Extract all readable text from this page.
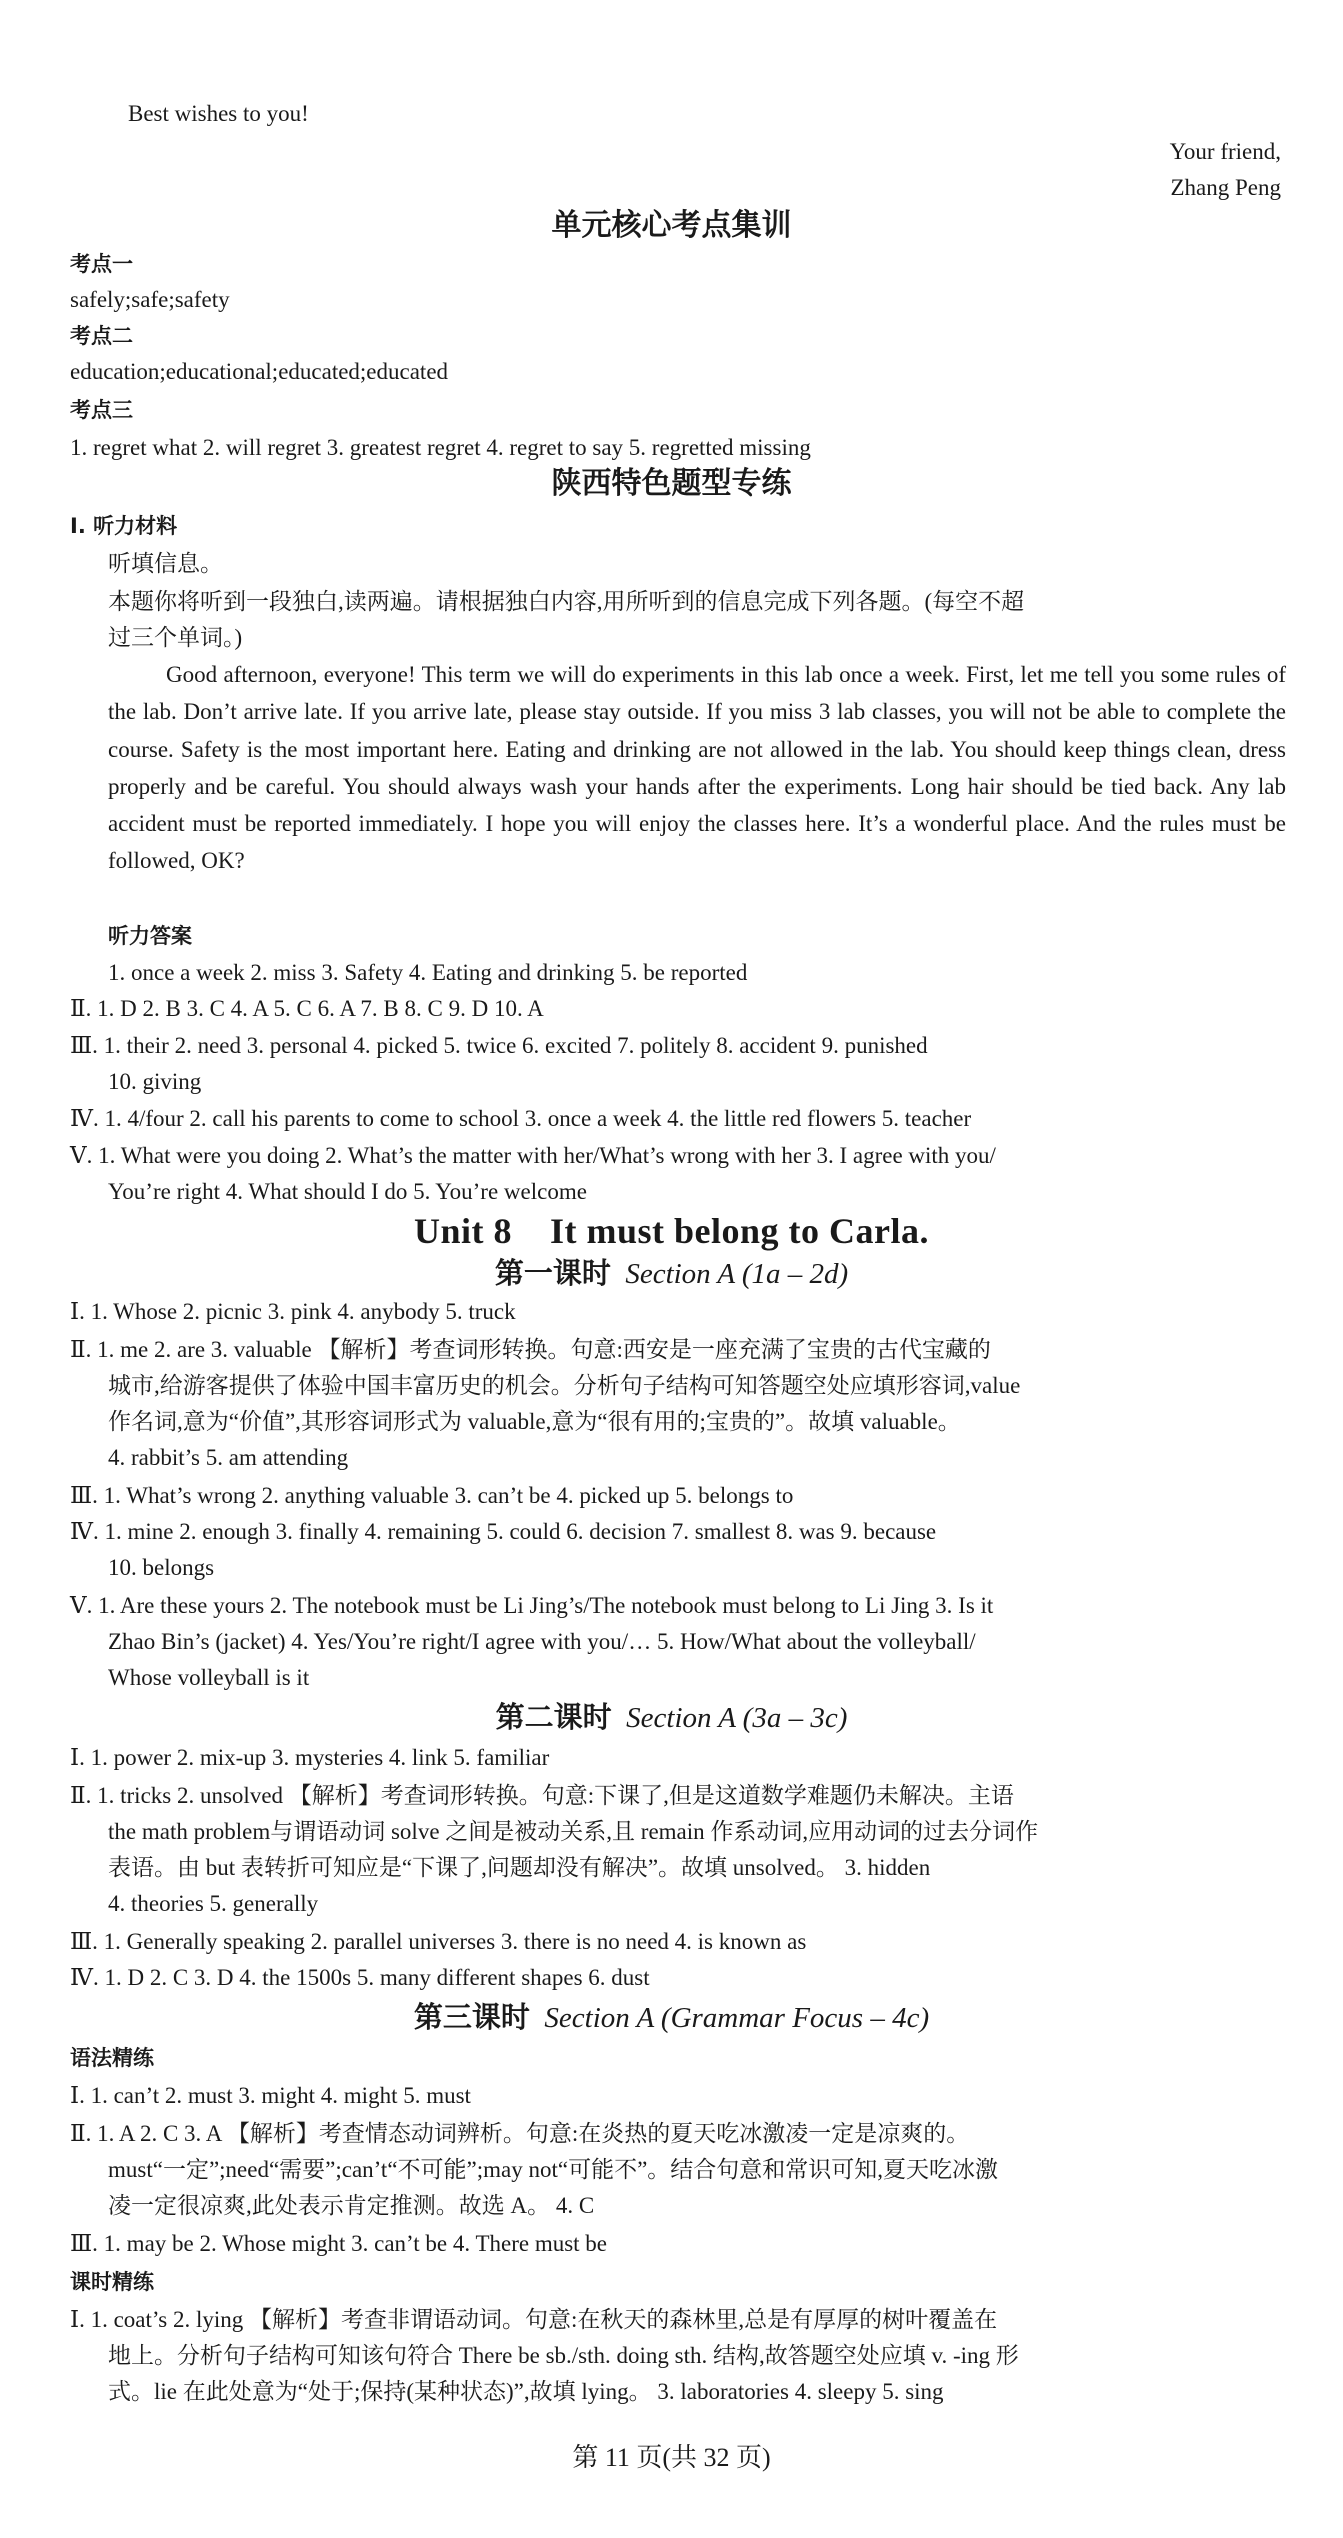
Best wishes to you!
Your friend,
Zhang Peng
单元核心考点集训
考点一
safely;safe;safety
考点二
education;educational;educated;educated
考点三
1. regret what 2. will regret 3. greatest regret 4. regret to say 5. regretted missing
陕西特色题型专练
Ⅰ. 听力材料
听填信息。
本题你将听到一段独白,读两遍。请根据独白内容,用所听到的信息完成下列各题。(每空不超
过三个单词。)
Good afternoon, everyone! This term we will do experiments in this lab once a week. First, let me tell you some rules of the lab. Don’t arrive late. If you arrive late, please stay outside. If you miss 3 lab classes, you will not be able to complete the course. Safety is the most important here. Eating and drinking are not allowed in the lab. You should keep things clean, dress properly and be careful. You should always wash your hands after the experiments. Long hair should be tied back. Any lab accident must be reported immediately. I hope you will enjoy the classes here. It’s a wonderful place. And the rules must be followed, OK?
听力答案
1. once a week 2. miss 3. Safety 4. Eating and drinking 5. be reported
Ⅱ. 1. D 2. B 3. C 4. A 5. C 6. A 7. B 8. C 9. D 10. A
Ⅲ. 1. their 2. need 3. personal 4. picked 5. twice 6. excited 7. politely 8. accident 9. punished
10. giving
Ⅳ. 1. 4/four 2. call his parents to come to school 3. once a week 4. the little red flowers 5. teacher
Ⅴ. 1. What were you doing 2. What’s the matter with her/What’s wrong with her 3. I agree with you/
You’re right 4. What should I do 5. You’re welcome
Unit 8    It must belong to Carla.
第一课时 Section A (1a – 2d)
Ⅰ. 1. Whose 2. picnic 3. pink 4. anybody 5. truck
Ⅱ. 1. me 2. are 3. valuable 【解析】考查词形转换。句意:西安是一座充满了宝贵的古代宝藏的
城市,给游客提供了体验中国丰富历史的机会。分析句子结构可知答题空处应填形容词,value
作名词,意为“价值”,其形容词形式为 valuable,意为“很有用的;宝贵的”。故填 valuable。
4. rabbit’s 5. am attending
Ⅲ. 1. What’s wrong 2. anything valuable 3. can’t be 4. picked up 5. belongs to
Ⅳ. 1. mine 2. enough 3. finally 4. remaining 5. could 6. decision 7. smallest 8. was 9. because
10. belongs
Ⅴ. 1. Are these yours 2. The notebook must be Li Jing’s/The notebook must belong to Li Jing 3. Is it
Zhao Bin’s (jacket) 4. Yes/You’re right/I agree with you/… 5. How/What about the volleyball/
Whose volleyball is it
第二课时 Section A (3a – 3c)
Ⅰ. 1. power 2. mix-up 3. mysteries 4. link 5. familiar
Ⅱ. 1. tricks 2. unsolved 【解析】考查词形转换。句意:下课了,但是这道数学难题仍未解决。主语
the math problem与谓语动词 solve 之间是被动关系,且 remain 作系动词,应用动词的过去分词作
表语。由 but 表转折可知应是“下课了,问题却没有解决”。故填 unsolved。 3. hidden
4. theories 5. generally
Ⅲ. 1. Generally speaking 2. parallel universes 3. there is no need 4. is known as
Ⅳ. 1. D 2. C 3. D 4. the 1500s 5. many different shapes 6. dust
第三课时 Section A (Grammar Focus – 4c)
语法精练
Ⅰ. 1. can’t 2. must 3. might 4. might 5. must
Ⅱ. 1. A 2. C 3. A 【解析】考查情态动词辨析。句意:在炎热的夏天吃冰激凌一定是凉爽的。
must“一定”;need“需要”;can’t“不可能”;may not“可能不”。结合句意和常识可知,夏天吃冰激
凌一定很凉爽,此处表示肯定推测。故选 A。 4. C
Ⅲ. 1. may be 2. Whose might 3. can’t be 4. There must be
课时精练
Ⅰ. 1. coat’s 2. lying 【解析】考查非谓语动词。句意:在秋天的森林里,总是有厚厚的树叶覆盖在
地上。分析句子结构可知该句符合 There be sb./sth. doing sth. 结构,故答题空处应填 v. -ing 形
式。lie 在此处意为“处于;保持(某种状态)”,故填 lying。 3. laboratories 4. sleepy 5. sing
第 11 页(共 32 页)
